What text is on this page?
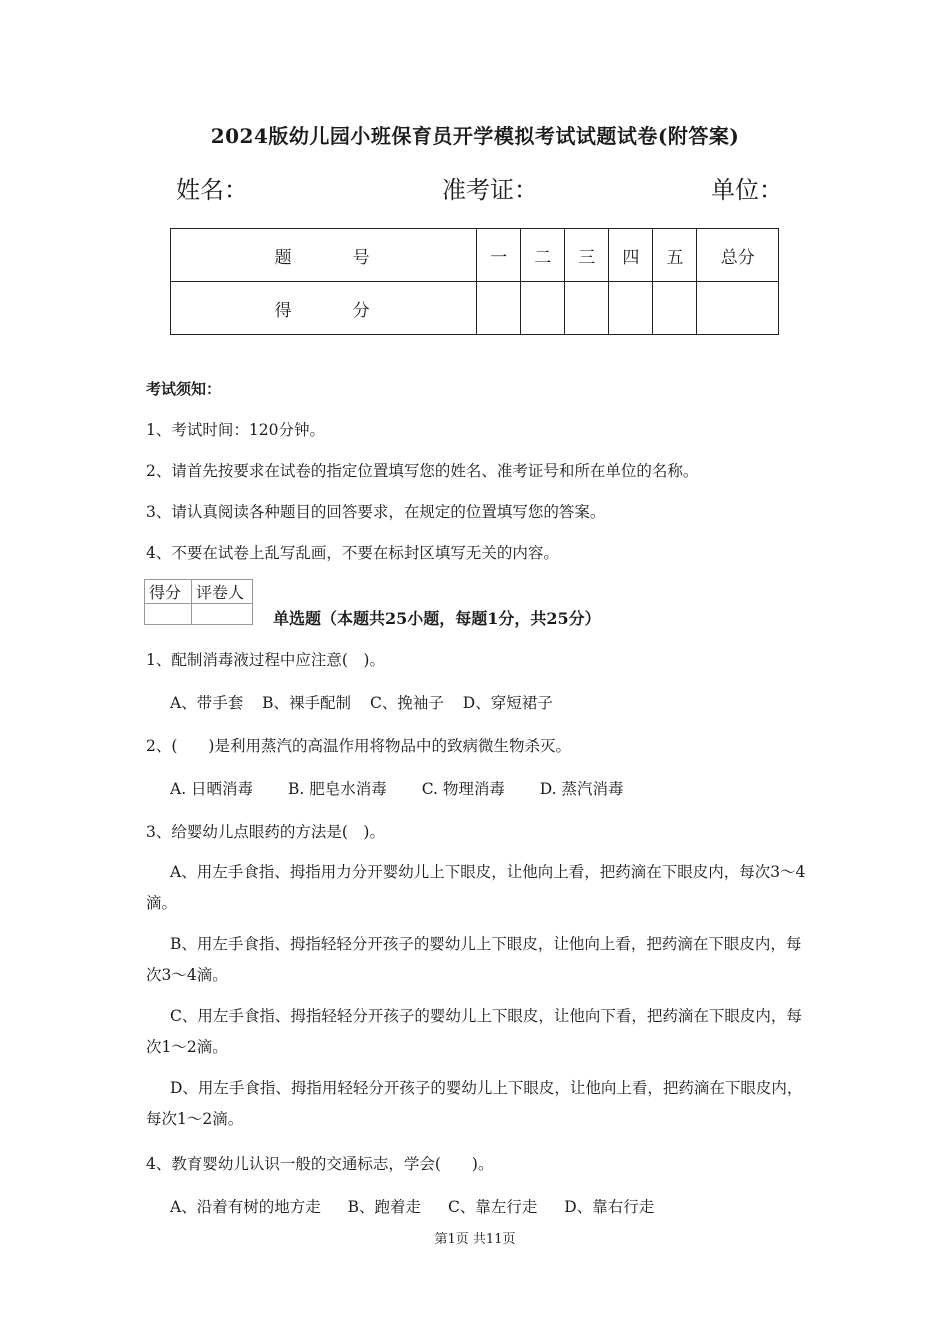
2024版幼儿园小班保育员开学模拟考试试题试卷(附答案)
姓名：	准考证：	单位：
题　号	一	二	三	四	五	总分
得　分						
考试须知：
1、考试时间：120分钟。
2、请首先按要求在试卷的指定位置填写您的姓名、准考证号和所在单位的名称。
3、请认真阅读各种题目的回答要求，在规定的位置填写您的答案。
4、不要在试卷上乱写乱画，不要在标封区填写无关的内容。
得分	评卷人

单选题（本题共25小题，每题1分，共25分）
1、配制消毒液过程中应注意(　)。
A、带手套 B、裸手配制 C、挽袖子 D、穿短裙子
2、(　　)是利用蒸汽的高温作用将物品中的致病微生物杀灭。
A. 日晒消毒 B. 肥皂水消毒 C. 物理消毒 D. 蒸汽消毒
3、给婴幼儿点眼药的方法是(　)。
A、用左手食指、拇指用力分开婴幼儿上下眼皮，让他向上看，把药滴在下眼皮内，每次3～4滴。
B、用左手食指、拇指轻轻分开孩子的婴幼儿上下眼皮，让他向上看，把药滴在下眼皮内，每次3～4滴。
C、用左手食指、拇指轻轻分开孩子的婴幼儿上下眼皮，让他向下看，把药滴在下眼皮内，每次1～2滴。
D、用左手食指、拇指用轻轻分开孩子的婴幼儿上下眼皮，让他向上看，把药滴在下眼皮内，每次1～2滴。
4、教育婴幼儿认识一般的交通标志，学会(　　)。
A、沿着有树的地方走 B、跑着走 C、靠左行走 D、靠右行走
第1页 共11页
